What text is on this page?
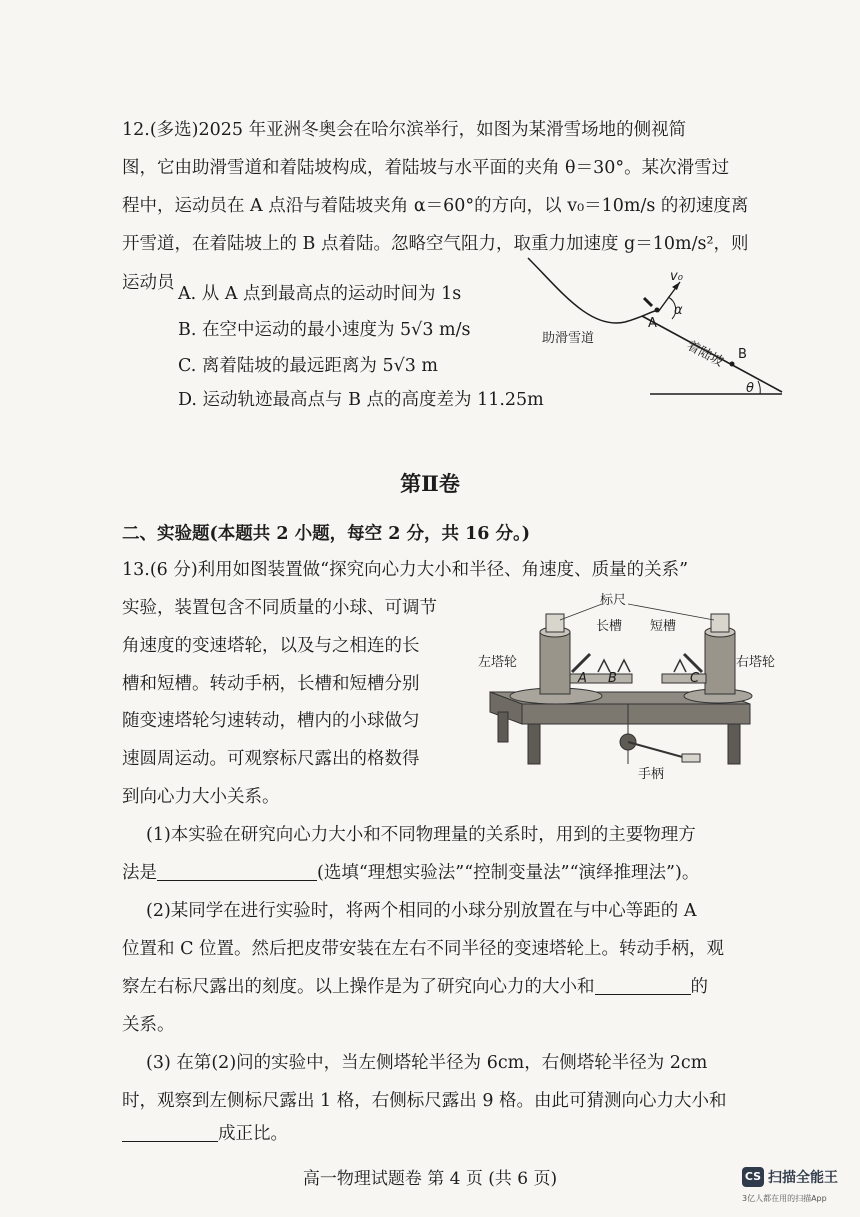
12.(多选)2025 年亚洲冬奥会在哈尔滨举行，如图为某滑雪场地的侧视简
图，它由助滑雪道和着陆坡构成，着陆坡与水平面的夹角 θ＝30°。某次滑雪过
程中，运动员在 A 点沿与着陆坡夹角 α＝60°的方向，以 v₀＝10m/s 的初速度离
开雪道，在着陆坡上的 B 点着陆。忽略空气阻力，取重力加速度 g＝10m/s²，则
运动员
A. 从 A 点到最高点的运动时间为 1s
B. 在空中运动的最小速度为 5√3 m/s
C. 离着陆坡的最远距离为 5√3 m
D. 运动轨迹最高点与 B 点的高度差为 11.25m
v₀
α
A
B
助滑雪道	着陆坡
θ
第Ⅱ卷
二、实验题(本题共 2 小题，每空 2 分，共 16 分。)
13.(6 分)利用如图装置做“探究向心力大小和半径、角速度、质量的关系”
实验，装置包含不同质量的小球、可调节
角速度的变速塔轮，以及与之相连的长
槽和短槽。转动手柄，长槽和短槽分别
随变速塔轮匀速转动，槽内的小球做匀
速圆周运动。可观察标尺露出的格数得
到向心力大小关系。
标尺
长槽 短槽
左塔轮	右塔轮
A B	C
手柄
(1)本实验在研究向心力大小和不同物理量的关系时，用到的主要物理方
法是	(选填“理想实验法”“控制变量法”“演绎推理法”)。
(2)某同学在进行实验时，将两个相同的小球分别放置在与中心等距的 A
位置和 C 位置。然后把皮带安装在左右不同半径的变速塔轮上。转动手柄，观
察左右标尺露出的刻度。以上操作是为了研究向心力的大小和	的
关系。
(3) 在第(2)问的实验中，当左侧塔轮半径为 6cm，右侧塔轮半径为 2cm
时，观察到左侧标尺露出 1 格，右侧标尺露出 9 格。由此可猜测向心力大小和
成正比。
高一物理试题卷 第 4 页 (共 6 页)	CS 扫描全能王
3亿人都在用的扫描App
